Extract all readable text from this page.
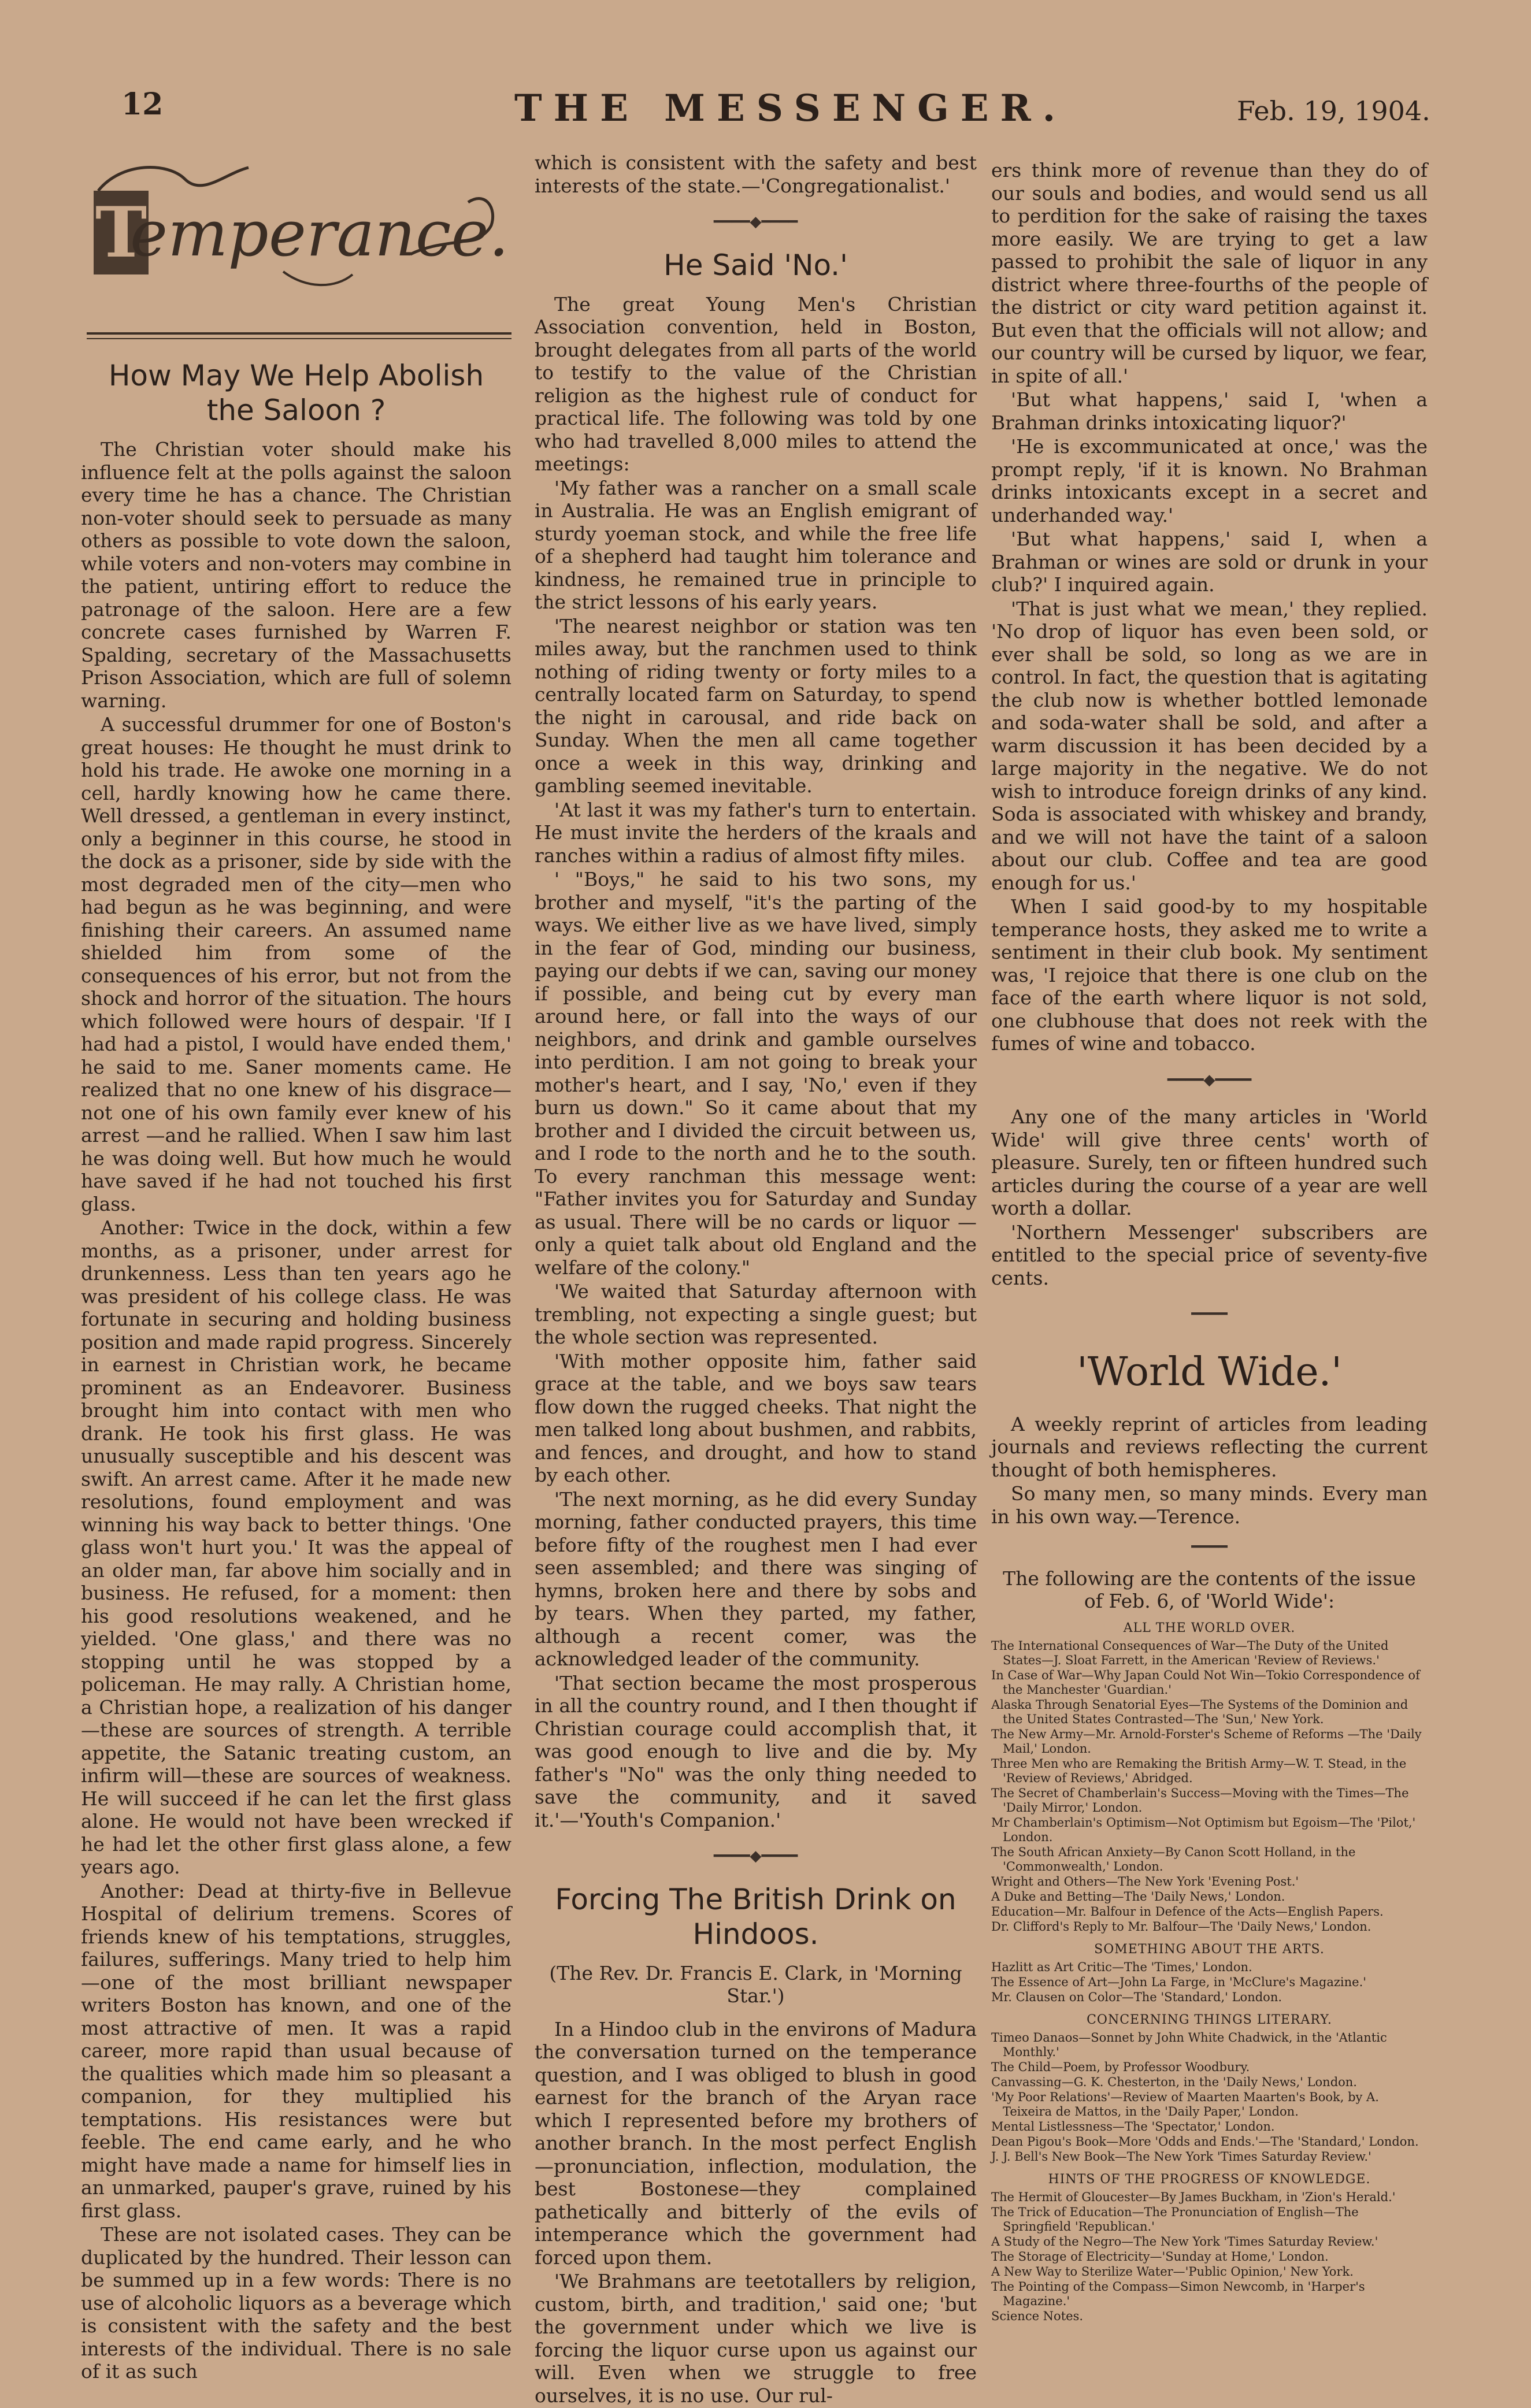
12	THE MESSENGER.	Feb. 19, 1904.
T
emperance.
How May We Help Abolish the Saloon ?

The Christian voter should make his influence felt at the polls against the saloon every time he has a chance. The Christian non-voter should seek to persuade as many others as possible to vote down the saloon, while voters and non-voters may combine in the patient, untiring effort to reduce the patronage of the saloon. Here are a few concrete cases furnished by Warren F. Spalding, secretary of the Massachusetts Prison Association, which are full of solemn warning.

A successful drummer for one of Boston's great houses: He thought he must drink to hold his trade. He awoke one morning in a cell, hardly knowing how he came there. Well dressed, a gentleman in every instinct, only a beginner in this course, he stood in the dock as a prisoner, side by side with the most degraded men of the city—men who had begun as he was beginning, and were finishing their careers. An assumed name shielded him from some of the consequences of his error, but not from the shock and horror of the situation. The hours which followed were hours of despair. 'If I had had a pistol, I would have ended them,' he said to me. Saner moments came. He realized that no one knew of his disgrace—not one of his own family ever knew of his arrest —and he rallied. When I saw him last he was doing well. But how much he would have saved if he had not touched his first glass.

Another: Twice in the dock, within a few months, as a prisoner, under arrest for drunkenness. Less than ten years ago he was president of his college class. He was fortunate in securing and holding business position and made rapid progress. Sincerely in earnest in Christian work, he became prominent as an Endeavorer. Business brought him into contact with men who drank. He took his first glass. He was unusually susceptible and his descent was swift. An arrest came. After it he made new resolutions, found employment and was winning his way back to better things. 'One glass won't hurt you.' It was the appeal of an older man, far above him socially and in business. He refused, for a moment: then his good resolutions weakened, and he yielded. 'One glass,' and there was no stopping until he was stopped by a policeman. He may rally. A Christian home, a Christian hope, a realization of his danger—these are sources of strength. A terrible appetite, the Satanic treating custom, an infirm will—these are sources of weakness. He will succeed if he can let the first glass alone. He would not have been wrecked if he had let the other first glass alone, a few years ago.

Another: Dead at thirty-five in Bellevue Hospital of delirium tremens. Scores of friends knew of his temptations, struggles, failures, sufferings. Many tried to help him—one of the most brilliant newspaper writers Boston has known, and one of the most attractive of men. It was a rapid career, more rapid than usual because of the qualities which made him so pleasant a companion, for they multiplied his temptations. His resistances were but feeble. The end came early, and he who might have made a name for himself lies in an unmarked, pauper's grave, ruined by his first glass.

These are not isolated cases. They can be duplicated by the hundred. Their lesson can be summed up in a few words: There is no use of alcoholic liquors as a beverage which is consistent with the safety and the best interests of the individual. There is no sale of it as such

which is consistent with the safety and best interests of the state.—'Congregationalist.'

━━━━◆━━━━
He Said 'No.'

The great Young Men's Christian Association convention, held in Boston, brought delegates from all parts of the world to testify to the value of the Christian religion as the highest rule of conduct for practical life. The following was told by one who had travelled 8,000 miles to attend the meetings:

'My father was a rancher on a small scale in Australia. He was an English emigrant of sturdy yoeman stock, and while the free life of a shepherd had taught him tolerance and kindness, he remained true in principle to the strict lessons of his early years.

'The nearest neighbor or station was ten miles away, but the ranchmen used to think nothing of riding twenty or forty miles to a centrally located farm on Saturday, to spend the night in carousal, and ride back on Sunday. When the men all came together once a week in this way, drinking and gambling seemed inevitable.

'At last it was my father's turn to entertain. He must invite the herders of the kraals and ranches within a radius of almost fifty miles.

' "Boys," he said to his two sons, my brother and myself, "it's the parting of the ways. We either live as we have lived, simply in the fear of God, minding our business, paying our debts if we can, saving our money if possible, and being cut by every man around here, or fall into the ways of our neighbors, and drink and gamble ourselves into perdition. I am not going to break your mother's heart, and I say, 'No,' even if they burn us down." So it came about that my brother and I divided the circuit between us, and I rode to the north and he to the south. To every ranchman this message went: "Father invites you for Saturday and Sunday as usual. There will be no cards or liquor —only a quiet talk about old England and the welfare of the colony."

'We waited that Saturday afternoon with trembling, not expecting a single guest; but the whole section was represented.

'With mother opposite him, father said grace at the table, and we boys saw tears flow down the rugged cheeks. That night the men talked long about bushmen, and rabbits, and fences, and drought, and how to stand by each other.

'The next morning, as he did every Sunday morning, father conducted prayers, this time before fifty of the roughest men I had ever seen assembled; and there was singing of hymns, broken here and there by sobs and by tears. When they parted, my father, although a recent comer, was the acknowledged leader of the community.

'That section became the most prosperous in all the country round, and I then thought if Christian courage could accomplish that, it was good enough to live and die by. My father's "No" was the only thing needed to save the community, and it saved it.'—'Youth's Companion.'

━━━━◆━━━━
Forcing The British Drink on Hindoos.
(The Rev. Dr. Francis E. Clark, in 'Morning Star.')

In a Hindoo club in the environs of Madura the conversation turned on the temperance question, and I was obliged to blush in good earnest for the branch of the Aryan race which I represented before my brothers of another branch. In the most perfect English—pronunciation, inflection, modulation, the best Bostonese—they complained pathetically and bitterly of the evils of intemperance which the government had forced upon them.

'We Brahmans are teetotallers by religion, custom, birth, and tradition,' said one; 'but the government under which we live is forcing the liquor curse upon us against our will. Even when we struggle to free ourselves, it is no use. Our rul-

ers think more of revenue than they do of our souls and bodies, and would send us all to perdition for the sake of raising the taxes more easily. We are trying to get a law passed to prohibit the sale of liquor in any district where three-fourths of the people of the district or city ward petition against it. But even that the officials will not allow; and our country will be cursed by liquor, we fear, in spite of all.'

'But what happens,' said I, 'when a Brahman drinks intoxicating liquor?'

'He is excommunicated at once,' was the prompt reply, 'if it is known. No Brahman drinks intoxicants except in a secret and underhanded way.'

'But what happens,' said I, when a Brahman or wines are sold or drunk in your club?' I inquired again.

'That is just what we mean,' they replied. 'No drop of liquor has even been sold, or ever shall be sold, so long as we are in control. In fact, the question that is agitating the club now is whether bottled lemonade and soda-water shall be sold, and after a warm discussion it has been decided by a large majority in the negative. We do not wish to introduce foreign drinks of any kind. Soda is associated with whiskey and brandy, and we will not have the taint of a saloon about our club. Coffee and tea are good enough for us.'

When I said good-by to my hospitable temperance hosts, they asked me to write a sentiment in their club book. My sentiment was, 'I rejoice that there is one club on the face of the earth where liquor is not sold, one clubhouse that does not reek with the fumes of wine and tobacco.

━━━━◆━━━━

Any one of the many articles in 'World Wide' will give three cents' worth of pleasure. Surely, ten or fifteen hundred such articles during the course of a year are well worth a dollar.

'Northern Messenger' subscribers are entitled to the special price of seventy-five cents.

━━━━
'World Wide.'

A weekly reprint of articles from leading journals and reviews reflecting the current thought of both hemispheres.

So many men, so many minds. Every man in his own way.—Terence.

━━━━

The following are the contents of the issue of Feb. 6, of 'World Wide':

ALL THE WORLD OVER.
The International Consequences of War—The Duty of the United States—J. Sloat Farrett, in the American 'Review of Reviews.'
In Case of War—Why Japan Could Not Win—Tokio Correspondence of the Manchester 'Guardian.'
Alaska Through Senatorial Eyes—The Systems of the Dominion and the United States Contrasted—The 'Sun,' New York.
The New Army—Mr. Arnold-Forster's Scheme of Reforms —The 'Daily Mail,' London.
Three Men who are Remaking the British Army—W. T. Stead, in the 'Review of Reviews,' Abridged.
The Secret of Chamberlain's Success—Moving with the Times—The 'Daily Mirror,' London.
Mr Chamberlain's Optimism—Not Optimism but Egoism—The 'Pilot,' London.
The South African Anxiety—By Canon Scott Holland, in the 'Commonwealth,' London.
Wright and Others—The New York 'Evening Post.'
A Duke and Betting—The 'Daily News,' London.
Education—Mr. Balfour in Defence of the Acts—English Papers.
Dr. Clifford's Reply to Mr. Balfour—The 'Daily News,' London.
SOMETHING ABOUT THE ARTS.
Hazlitt as Art Critic—The 'Times,' London.
The Essence of Art—John La Farge, in 'McClure's Magazine.'
Mr. Clausen on Color—The 'Standard,' London.
CONCERNING THINGS LITERARY.
Timeo Danaos—Sonnet by John White Chadwick, in the 'Atlantic Monthly.'
The Child—Poem, by Professor Woodbury.
Canvassing—G. K. Chesterton, in the 'Daily News,' London.
'My Poor Relations'—Review of Maarten Maarten's Book, by A. Teixeira de Mattos, in the 'Daily Paper,' London.
Mental Listlessness—The 'Spectator,' London.
Dean Pigou's Book—More 'Odds and Ends.'—The 'Standard,' London.
J. J. Bell's New Book—The New York 'Times Saturday Review.'
HINTS OF THE PROGRESS OF KNOWLEDGE.
The Hermit of Gloucester—By James Buckham, in 'Zion's Herald.'
The Trick of Education—The Pronunciation of English—The Springfield 'Republican.'
A Study of the Negro—The New York 'Times Saturday Review.'
The Storage of Electricity—'Sunday at Home,' London.
A New Way to Sterilize Water—'Public Opinion,' New York.
The Pointing of the Compass—Simon Newcomb, in 'Harper's Magazine.'
Science Notes.
